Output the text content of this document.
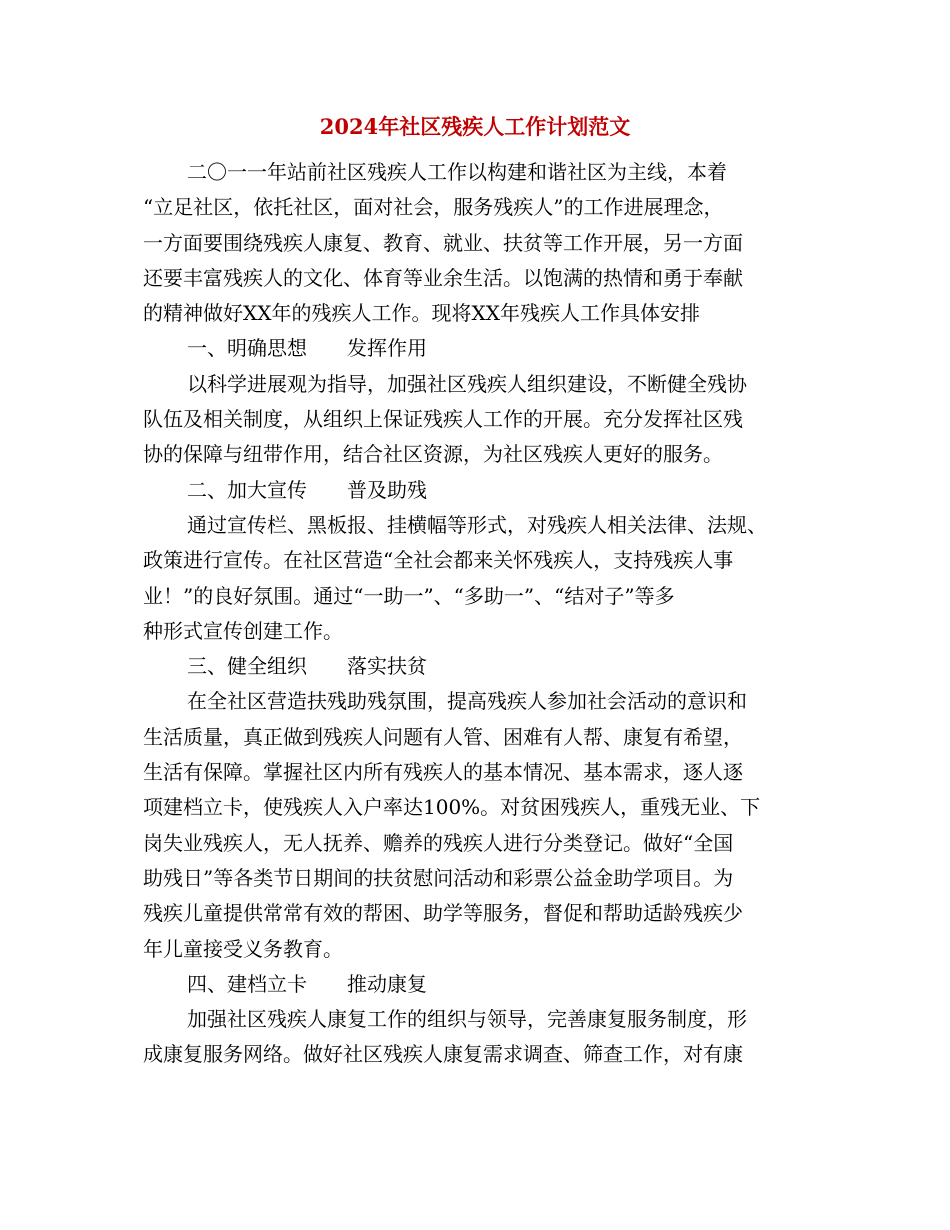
2024年社区残疾人工作计划范文

二〇一一年站前社区残疾人工作以构建和谐社区为主线，本着

“立足社区，依托社区，面对社会，服务残疾人”的工作进展理念，

一方面要围绕残疾人康复、教育、就业、扶贫等工作开展，另一方面

还要丰富残疾人的文化、体育等业余生活。以饱满的热情和勇于奉献

的精神做好XX年的残疾人工作。现将XX年残疾人工作具体安排

一、明确思想　　发挥作用

以科学进展观为指导，加强社区残疾人组织建设，不断健全残协

队伍及相关制度，从组织上保证残疾人工作的开展。充分发挥社区残

协的保障与纽带作用，结合社区资源，为社区残疾人更好的服务。

二、加大宣传　　普及助残

通过宣传栏、黑板报、挂横幅等形式，对残疾人相关法律、法规、

政策进行宣传。在社区营造“全社会都来关怀残疾人，支持残疾人事

业！”的良好氛围。通过“一助一”、“多助一”、“结对子”等多

种形式宣传创建工作。

三、健全组织　　落实扶贫

在全社区营造扶残助残氛围，提高残疾人参加社会活动的意识和

生活质量，真正做到残疾人问题有人管、困难有人帮、康复有希望，

生活有保障。掌握社区内所有残疾人的基本情况、基本需求，逐人逐

项建档立卡，使残疾人入户率达100%。对贫困残疾人，重残无业、下

岗失业残疾人，无人抚养、赡养的残疾人进行分类登记。做好“全国

助残日”等各类节日期间的扶贫慰问活动和彩票公益金助学项目。为

残疾儿童提供常常有效的帮困、助学等服务，督促和帮助适龄残疾少

年儿童接受义务教育。

四、建档立卡　　推动康复

加强社区残疾人康复工作的组织与领导，完善康复服务制度，形

成康复服务网络。做好社区残疾人康复需求调查、筛查工作，对有康
